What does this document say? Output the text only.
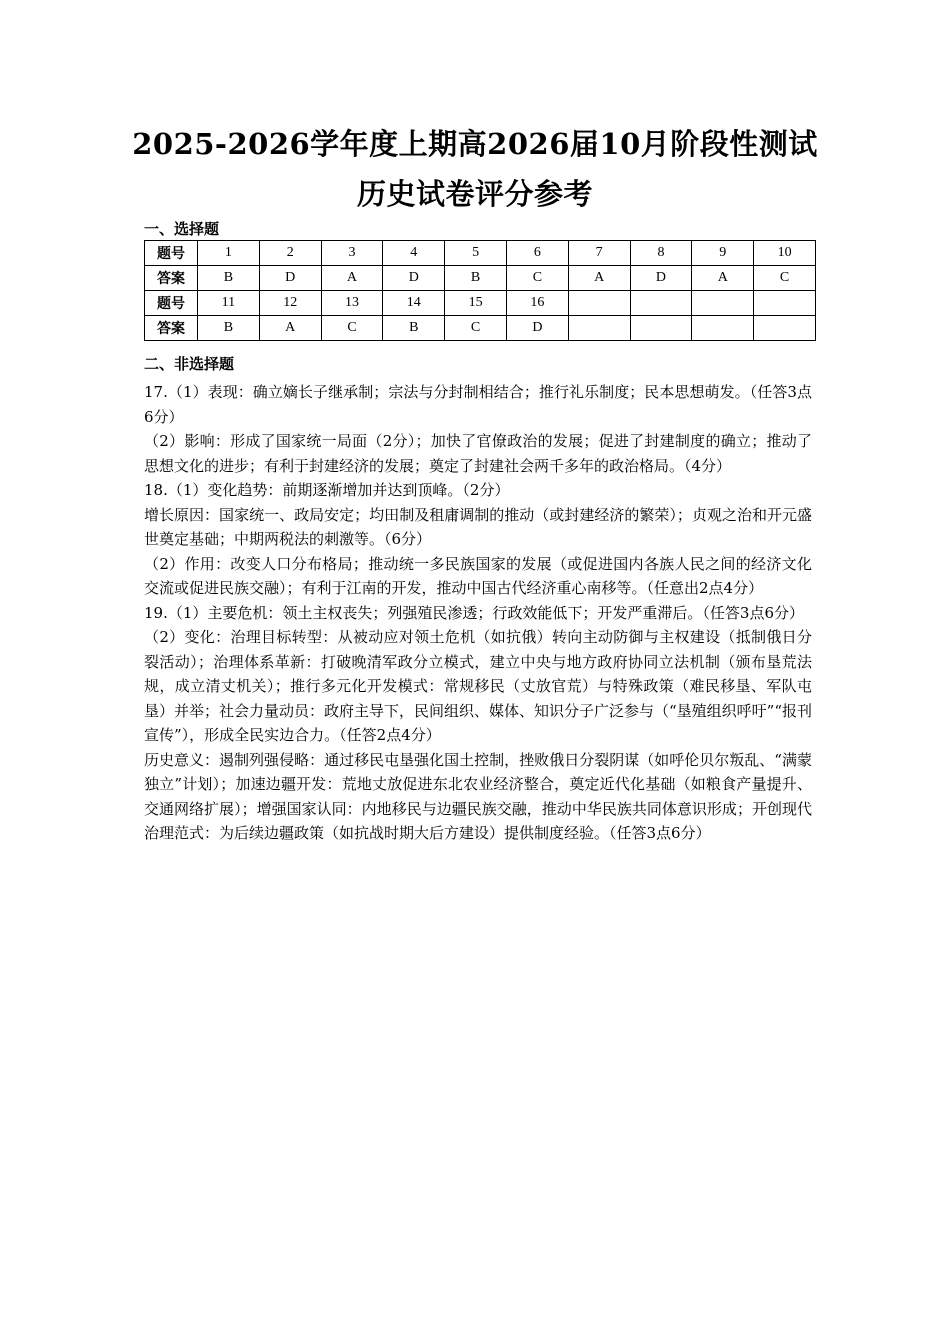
2025-2026学年度上期高2026届10月阶段性测试
历史试卷评分参考
一、选择题
题号	1	2	3	4	5	6	7	8	9	10
答案	B	D	A	D	B	C	A	D	A	C
题号	11	12	13	14	15	16				
答案	B	A	C	B	C	D				
二、非选择题

17.（1）表现：确立嫡长子继承制；宗法与分封制相结合；推行礼乐制度；民本思想萌发。（任答3点6分）

（2）影响：形成了国家统一局面（2分）；加快了官僚政治的发展；促进了封建制度的确立；推动了思想文化的进步；有利于封建经济的发展；奠定了封建社会两千多年的政治格局。（4分）

18.（1）变化趋势：前期逐渐增加并达到顶峰。（2分）

增长原因：国家统一、政局安定；均田制及租庸调制的推动（或封建经济的繁荣）；贞观之治和开元盛世奠定基础；中期两税法的刺激等。（6分）

（2）作用：改变人口分布格局；推动统一多民族国家的发展（或促进国内各族人民之间的经济文化交流或促进民族交融）；有利于江南的开发，推动中国古代经济重心南移等。（任意出2点4分）

19.（1）主要危机：领土主权丧失；列强殖民渗透；行政效能低下；开发严重滞后。（任答3点6分）

（2）变化：治理目标转型：从被动应对领土危机（如抗俄）转向主动防御与主权建设（抵制俄日分裂活动）；治理体系革新：打破晚清军政分立模式，建立中央与地方政府协同立法机制（颁布垦荒法规，成立清丈机关）；推行多元化开发模式：常规移民（丈放官荒）与特殊政策（难民移垦、军队屯垦）并举；社会力量动员：政府主导下，民间组织、媒体、知识分子广泛参与（“垦殖组织呼吁”“报刊宣传”），形成全民实边合力。（任答2点4分）

历史意义：遏制列强侵略：通过移民屯垦强化国土控制，挫败俄日分裂阴谋（如呼伦贝尔叛乱、“满蒙独立”计划）；加速边疆开发：荒地丈放促进东北农业经济整合，奠定近代化基础（如粮食产量提升、交通网络扩展）；增强国家认同：内地移民与边疆民族交融，推动中华民族共同体意识形成；开创现代治理范式：为后续边疆政策（如抗战时期大后方建设）提供制度经验。（任答3点6分）
